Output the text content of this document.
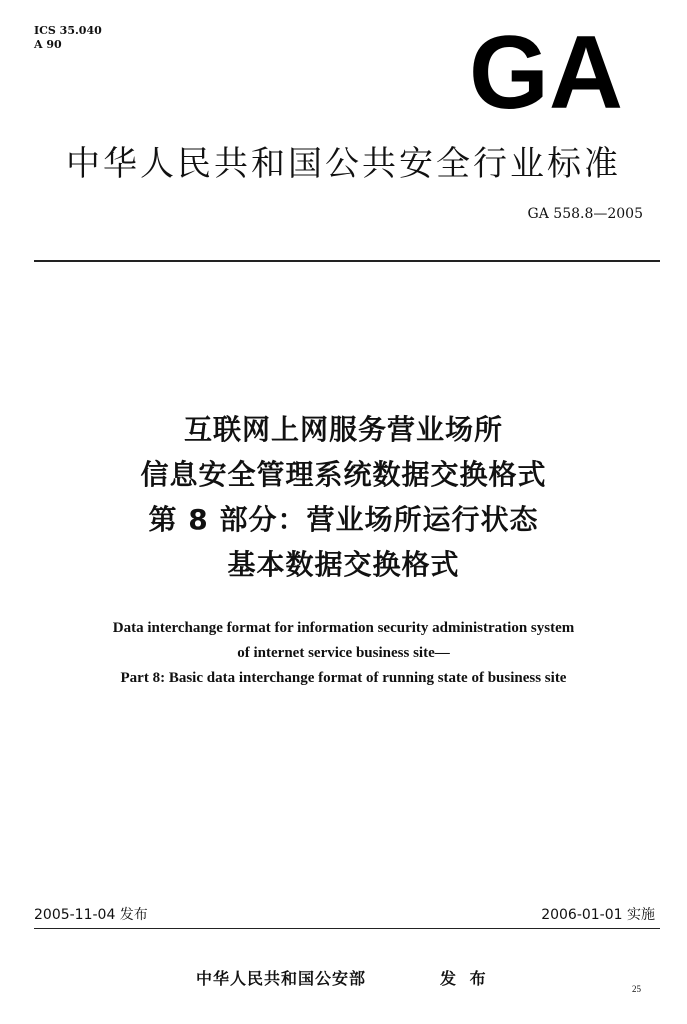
ICS 35.040
A 90	GA
中华人民共和国公共安全行业标准
GA 558.8—2005
互联网上网服务营业场所
信息安全管理系统数据交换格式
第 8 部分：营业场所运行状态
基本数据交换格式
Data interchange format for information security administration system
of internet service business site—
Part 8: Basic data interchange format of running state of business site
2005-11-04 发布	2006-01-01 实施
中华人民共和国公安部	发 布
25
